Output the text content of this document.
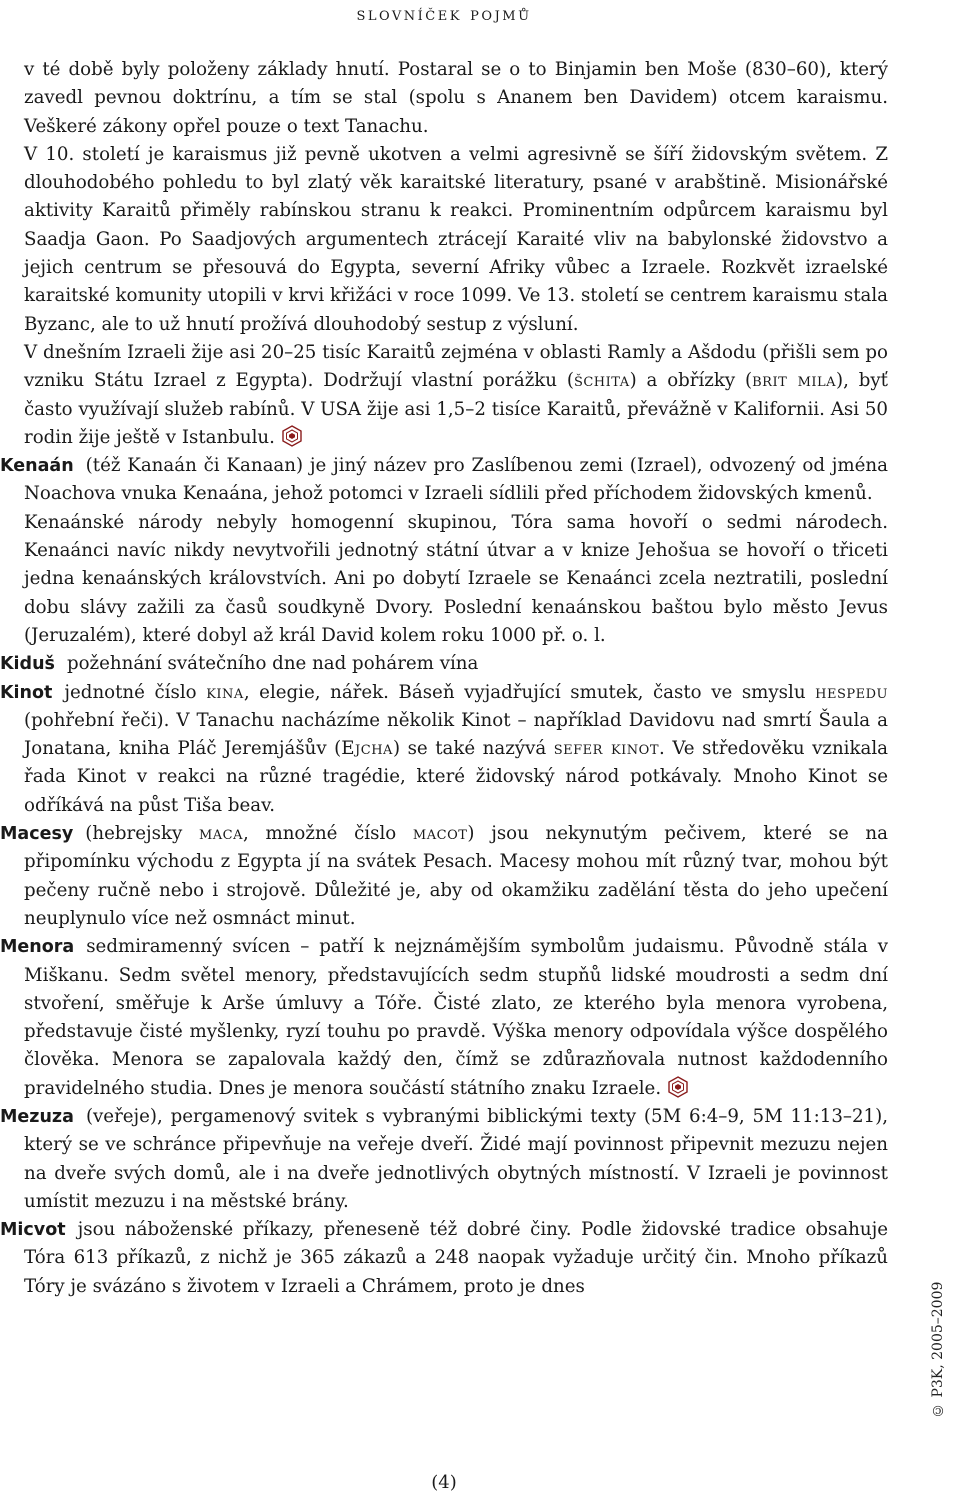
slovníček pojmů

v té době byly položeny základy hnutí. Postaral se o to Binjamin ben Moše (830–60), který zavedl pevnou doktrínu, a tím se stal (spolu s Ananem ben Davidem) otcem karaismu. Veškeré zákony opřel pouze o text Tanachu.

V 10. století je karaismus již pevně ukotven a velmi agresivně se šíří židovským světem. Z dlouhodobého pohledu to byl zlatý věk karaitské literatury, psané v arabštině. Misionářské aktivity Karaitů přiměly rabínskou stranu k reakci. Prominentním odpůrcem karaismu byl Saadja Gaon. Po Saadjových argumentech ztrácejí Karaité vliv na babylonské židovstvo a jejich centrum se přesouvá do Egypta, severní Afriky vůbec a Izraele. Rozkvět izraelské karaitské komunity utopili v krvi křižáci v roce 1099. Ve 13. století se centrem karaismu stala Byzanc, ale to už hnutí prožívá dlouhodobý sestup z výsluní.

V dnešním Izraeli žije asi 20–25 tisíc Karaitů zejména v oblasti Ramly a Ašdodu (přišli sem po vzniku Státu Izrael z Egypta). Dodržují vlastní porážku (šchita) a obřízky (brit mila), byť často využívají služeb rabínů. V USA žije asi 1,5–2 tisíce Karaitů, převážně v Kalifornii. Asi 50 rodin žije ještě v Istanbulu.

Kenaán (též Kanaán či Kanaan) je jiný název pro Zaslíbenou zemi (Izrael), odvozený od jména Noachova vnuka Kenaána, jehož potomci v Izraeli sídlili před příchodem židovských kmenů.

Kenaánské národy nebyly homogenní skupinou, Tóra sama hovoří o sedmi národech. Kenaánci navíc nikdy nevytvořili jednotný státní útvar a v knize Jehošua se hovoří o třiceti jedna kenaánských královstvích. Ani po dobytí Izraele se Kenaánci zcela neztratili, poslední dobu slávy zažili za časů soudkyně Dvory. Poslední kenaánskou baštou bylo město Jevus (Jeruzalém), které dobyl až král David kolem roku 1000 př. o. l.

Kiduš požehnání svátečního dne nad pohárem vína

Kinot jednotné číslo kina, elegie, nářek. Báseň vyjadřující smutek, často ve smyslu hespedu (pohřební řeči). V Tanachu nacházíme několik Kinot – například Davidovu nad smrtí Šaula a Jonatana, kniha Pláč Jeremjášův (Ejcha) se také nazývá sefer kinot. Ve středověku vznikala řada Kinot v reakci na různé tragédie, které židovský národ potkávaly. Mnoho Kinot se odříkává na půst Tiša beav.

Macesy (hebrejsky maca, množné číslo macot) jsou nekynutým pečivem, které se na připomínku východu z Egypta jí na svátek Pesach. Macesy mohou mít různý tvar, mohou být pečeny ručně nebo i strojově. Důležité je, aby od okamžiku zadělání těsta do jeho upečení neuplynulo více než osmnáct minut.

Menora sedmiramenný svícen – patří k nejznámějším symbolům judaismu. Původně stála v Miškanu. Sedm světel menory, představujících sedm stupňů lidské moudrosti a sedm dní stvoření, směřuje k Arše úmluvy a Tóře. Čisté zlato, ze kterého byla menora vyrobena, představuje čisté myšlenky, ryzí touhu po pravdě. Výška menory odpovídala výšce dospělého člověka. Menora se zapalovala každý den, čímž se zdůrazňovala nutnost každodenního pravidelného studia. Dnes je menora součástí státního znaku Izraele.

Mezuza (veřeje), pergamenový svitek s vybranými biblickými texty (5M 6:4–9, 5M 11:13–21), který se ve schránce připevňuje na veřeje dveří. Židé mají povinnost připevnit mezuzu nejen na dveře svých domů, ale i na dveře jednotlivých obytných místností. V Izraeli je povinnost umístit mezuzu i na městské brány.

Micvot jsou náboženské příkazy, přeneseně též dobré činy. Podle židovské tradice obsahuje Tóra 613 příkazů, z nichž je 365 zákazů a 248 naopak vyžaduje určitý čin. Mnoho příkazů Tóry je svázáno s životem v Izraeli a Chrámem, proto je dnes	© P3K, 2005–2009
(4)
